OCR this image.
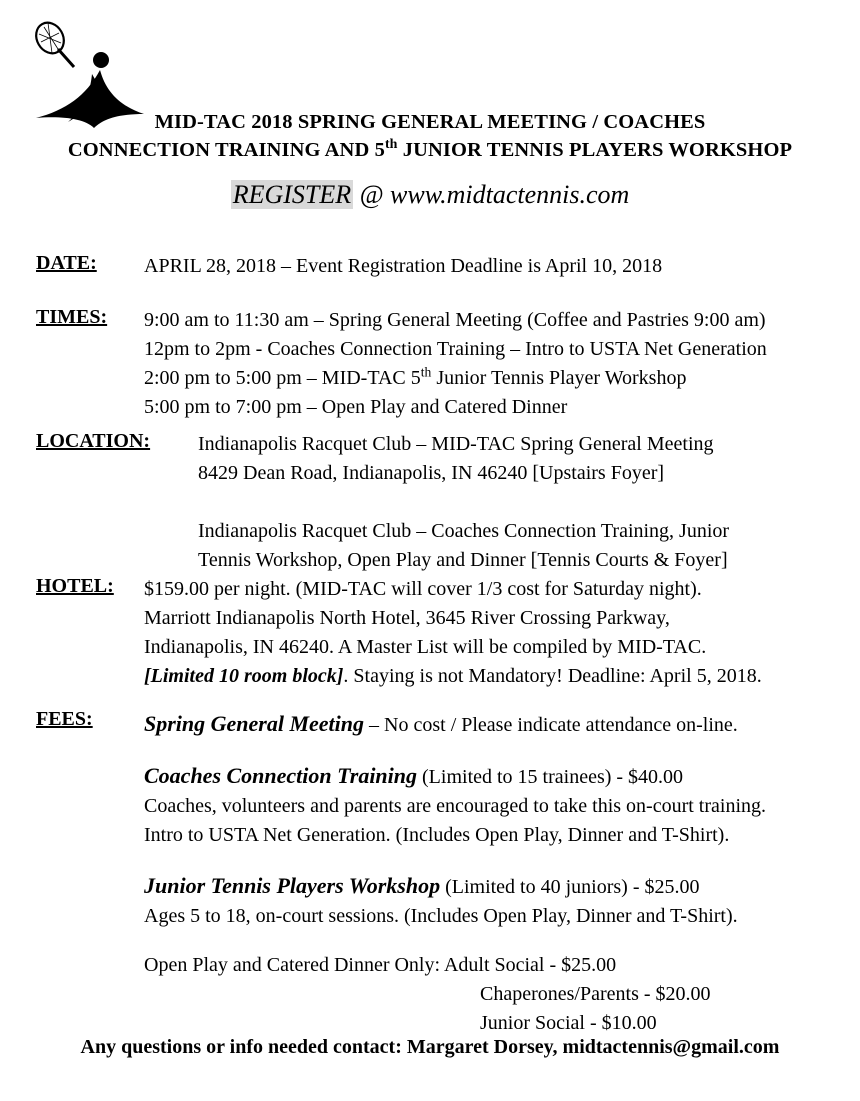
MID-TAC 2018 SPRING GENERAL MEETING / COACHES
CONNECTION TRAINING AND 5th JUNIOR TENNIS PLAYERS WORKSHOP
REGISTER @ www.midtactennis.com
DATE: APRIL 28, 2018 – Event Registration Deadline is April 10, 2018
TIMES: 9:00 am to 11:30 am – Spring General Meeting (Coffee and Pastries 9:00 am)
12pm to 2pm - Coaches Connection Training – Intro to USTA Net Generation
2:00 pm to 5:00 pm – MID-TAC 5th Junior Tennis Player Workshop
5:00 pm to 7:00 pm – Open Play and Catered Dinner
LOCATION: Indianapolis Racquet Club – MID-TAC Spring General Meeting
8429 Dean Road, Indianapolis, IN 46240 [Upstairs Foyer]

Indianapolis Racquet Club – Coaches Connection Training, Junior
Tennis Workshop, Open Play and Dinner [Tennis Courts & Foyer]
HOTEL: $159.00 per night. (MID-TAC will cover 1/3 cost for Saturday night).
Marriott Indianapolis North Hotel, 3645 River Crossing Parkway,
Indianapolis, IN 46240. A Master List will be compiled by MID-TAC.
[Limited 10 room block]. Staying is not Mandatory! Deadline: April 5, 2018.
FEES: Spring General Meeting – No cost / Please indicate attendance on-line.
Coaches Connection Training (Limited to 15 trainees) - $40.00
Coaches, volunteers and parents are encouraged to take this on-court training.
Intro to USTA Net Generation. (Includes Open Play, Dinner and T-Shirt).
Junior Tennis Players Workshop (Limited to 40 juniors) - $25.00
Ages 5 to 18, on-court sessions. (Includes Open Play, Dinner and T-Shirt).
Open Play and Catered Dinner Only: Adult Social - $25.00
Chaperones/Parents - $20.00
Junior Social - $10.00
Any questions or info needed contact: Margaret Dorsey, midtactennis@gmail.com
